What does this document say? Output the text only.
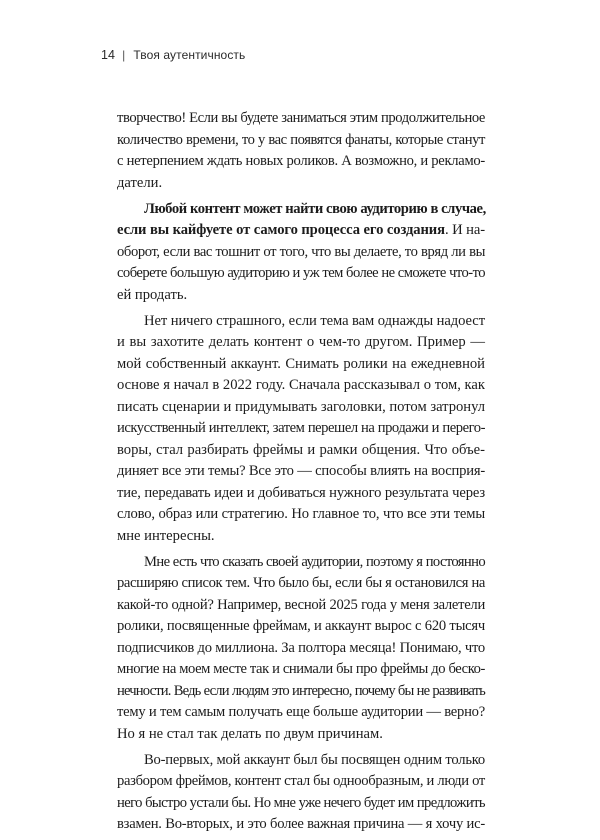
14 | Твоя аутентичность
творчество! Если вы будете заниматься этим продолжительное
количество времени, то у вас появятся фанаты, которые станут
с нетерпением ждать новых роликов. А возможно, и рекламо-
датели.
Любой контент может найти свою аудиторию в случае,
если вы кайфуете от самого процесса его создания. И на-
оборот, если вас тошнит от того, что вы делаете, то вряд ли вы
соберете большую аудиторию и уж тем более не сможете что-то
ей продать.
Нет ничего страшного, если тема вам однажды надоест
и вы захотите делать контент о чем-то другом. Пример —
мой собственный аккаунт. Снимать ролики на ежедневной
основе я начал в 2022 году. Сначала рассказывал о том, как
писать сценарии и придумывать заголовки, потом затронул
искусственный интеллект, затем перешел на продажи и перего-
воры, стал разбирать фреймы и рамки общения. Что объе-
диняет все эти темы? Все это — способы влиять на восприя-
тие, передавать идеи и добиваться нужного результата через
слово, образ или стратегию. Но главное то, что все эти темы
мне интересны.
Мне есть что сказать своей аудитории, поэтому я постоянно
расширяю список тем. Что было бы, если бы я остановился на
какой-то одной? Например, весной 2025 года у меня залетели
ролики, посвященные фреймам, и аккаунт вырос с 620 тысяч
подписчиков до миллиона. За полтора месяца! Понимаю, что
многие на моем месте так и снимали бы про фреймы до беско-
нечности. Ведь если людям это интересно, почему бы не развивать
тему и тем самым получать еще больше аудитории — верно?
Но я не стал так делать по двум причинам.
Во-первых, мой аккаунт был бы посвящен одним только
разбором фреймов, контент стал бы однообразным, и люди от
него быстро устали бы. Но мне уже нечего будет им предложить
взамен. Во-вторых, и это более важная причина — я хочу ис-
